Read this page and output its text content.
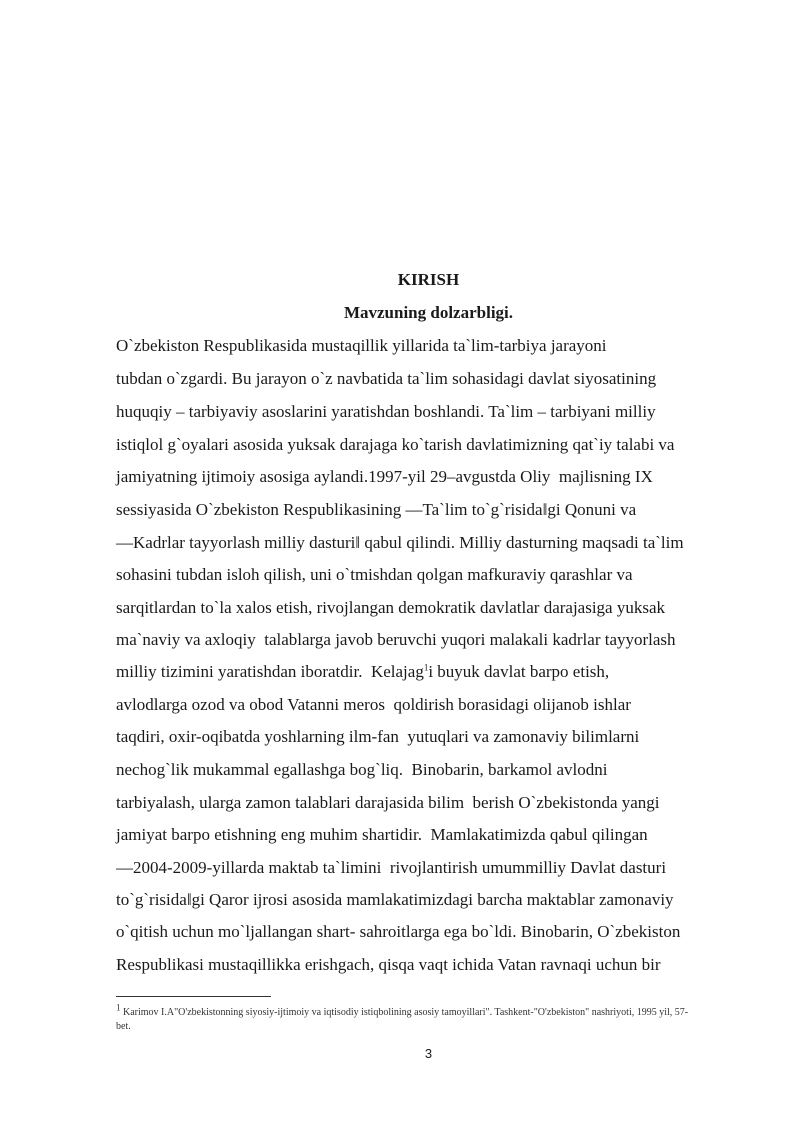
KIRISH
Mavzuning dolzarbligi.
O`zbekiston Respublikasida mustaqillik yillarida ta`lim-tarbiya jarayoni
tubdan o`zgardi. Bu jarayon o`z navbatida ta`lim sohasidagi davlat siyosatining
huquqiy – tarbiyaviy asoslarini yaratishdan boshlandi. Ta`lim – tarbiyani milliy
istiqlol g`oyalari asosida yuksak darajaga ko`tarish davlatimizning qat`iy talabi va
jamiyatning ijtimoiy asosiga aylandi.1997-yil 29–avgustda Oliy  majlisning IX
sessiyasida O`zbekiston Respublikasining ―Ta`lim to`g`risida‖gi Qonuni va
―Kadrlar tayyorlash milliy dasturi‖ qabul qilindi. Milliy dasturning maqsadi ta`lim
sohasini tubdan isloh qilish, uni o`tmishdan qolgan mafkuraviy qarashlar va
sarqitlardan to`la xalos etish, rivojlangan demokratik davlatlar darajasiga yuksak
ma`naviy va axloqiy  talablarga javob beruvchi yuqori malakali kadrlar tayyorlash
milliy tizimini yaratishdan iboratdir.  Kelajag$^1$i buyuk davlat barpo etish,
avlodlarga ozod va obod Vatanni meros  qoldirish borasidagi olijanob ishlar
taqdiri, oxir-oqibatda yoshlarning ilm-fan  yutuqlari va zamonaviy bilimlarni
nechog`lik mukammal egallashga bog`liq.  Binobarin, barkamol avlodni
tarbiyalash, ularga zamon talablari darajasida bilim  berish O`zbekistonda yangi
jamiyat barpo etishning eng muhim shartidir.  Mamlakatimizda qabul qilingan
―2004-2009-yillarda maktab ta`limini  rivojlantirish umummilliy Davlat dasturi
to`g`risida‖gi Qaror ijrosi asosida mamlakatimizdagi barcha maktablar zamonaviy
o`qitish uchun mo`ljallangan shart- sahroitlarga ega bo`ldi. Binobarin, O`zbekiston
Respublikasi mustaqillikka erishgach, qisqa vaqt ichida Vatan ravnaqi uchun bir
$^1$ Karimov I.A"O'zbekistonning siyosiy-ijtimoiy va iqtisodiy istiqbolining asosiy tamoyillari". Tashkent-"O'zbekiston" nashriyoti, 1995 yil, 57-
bet.
3
